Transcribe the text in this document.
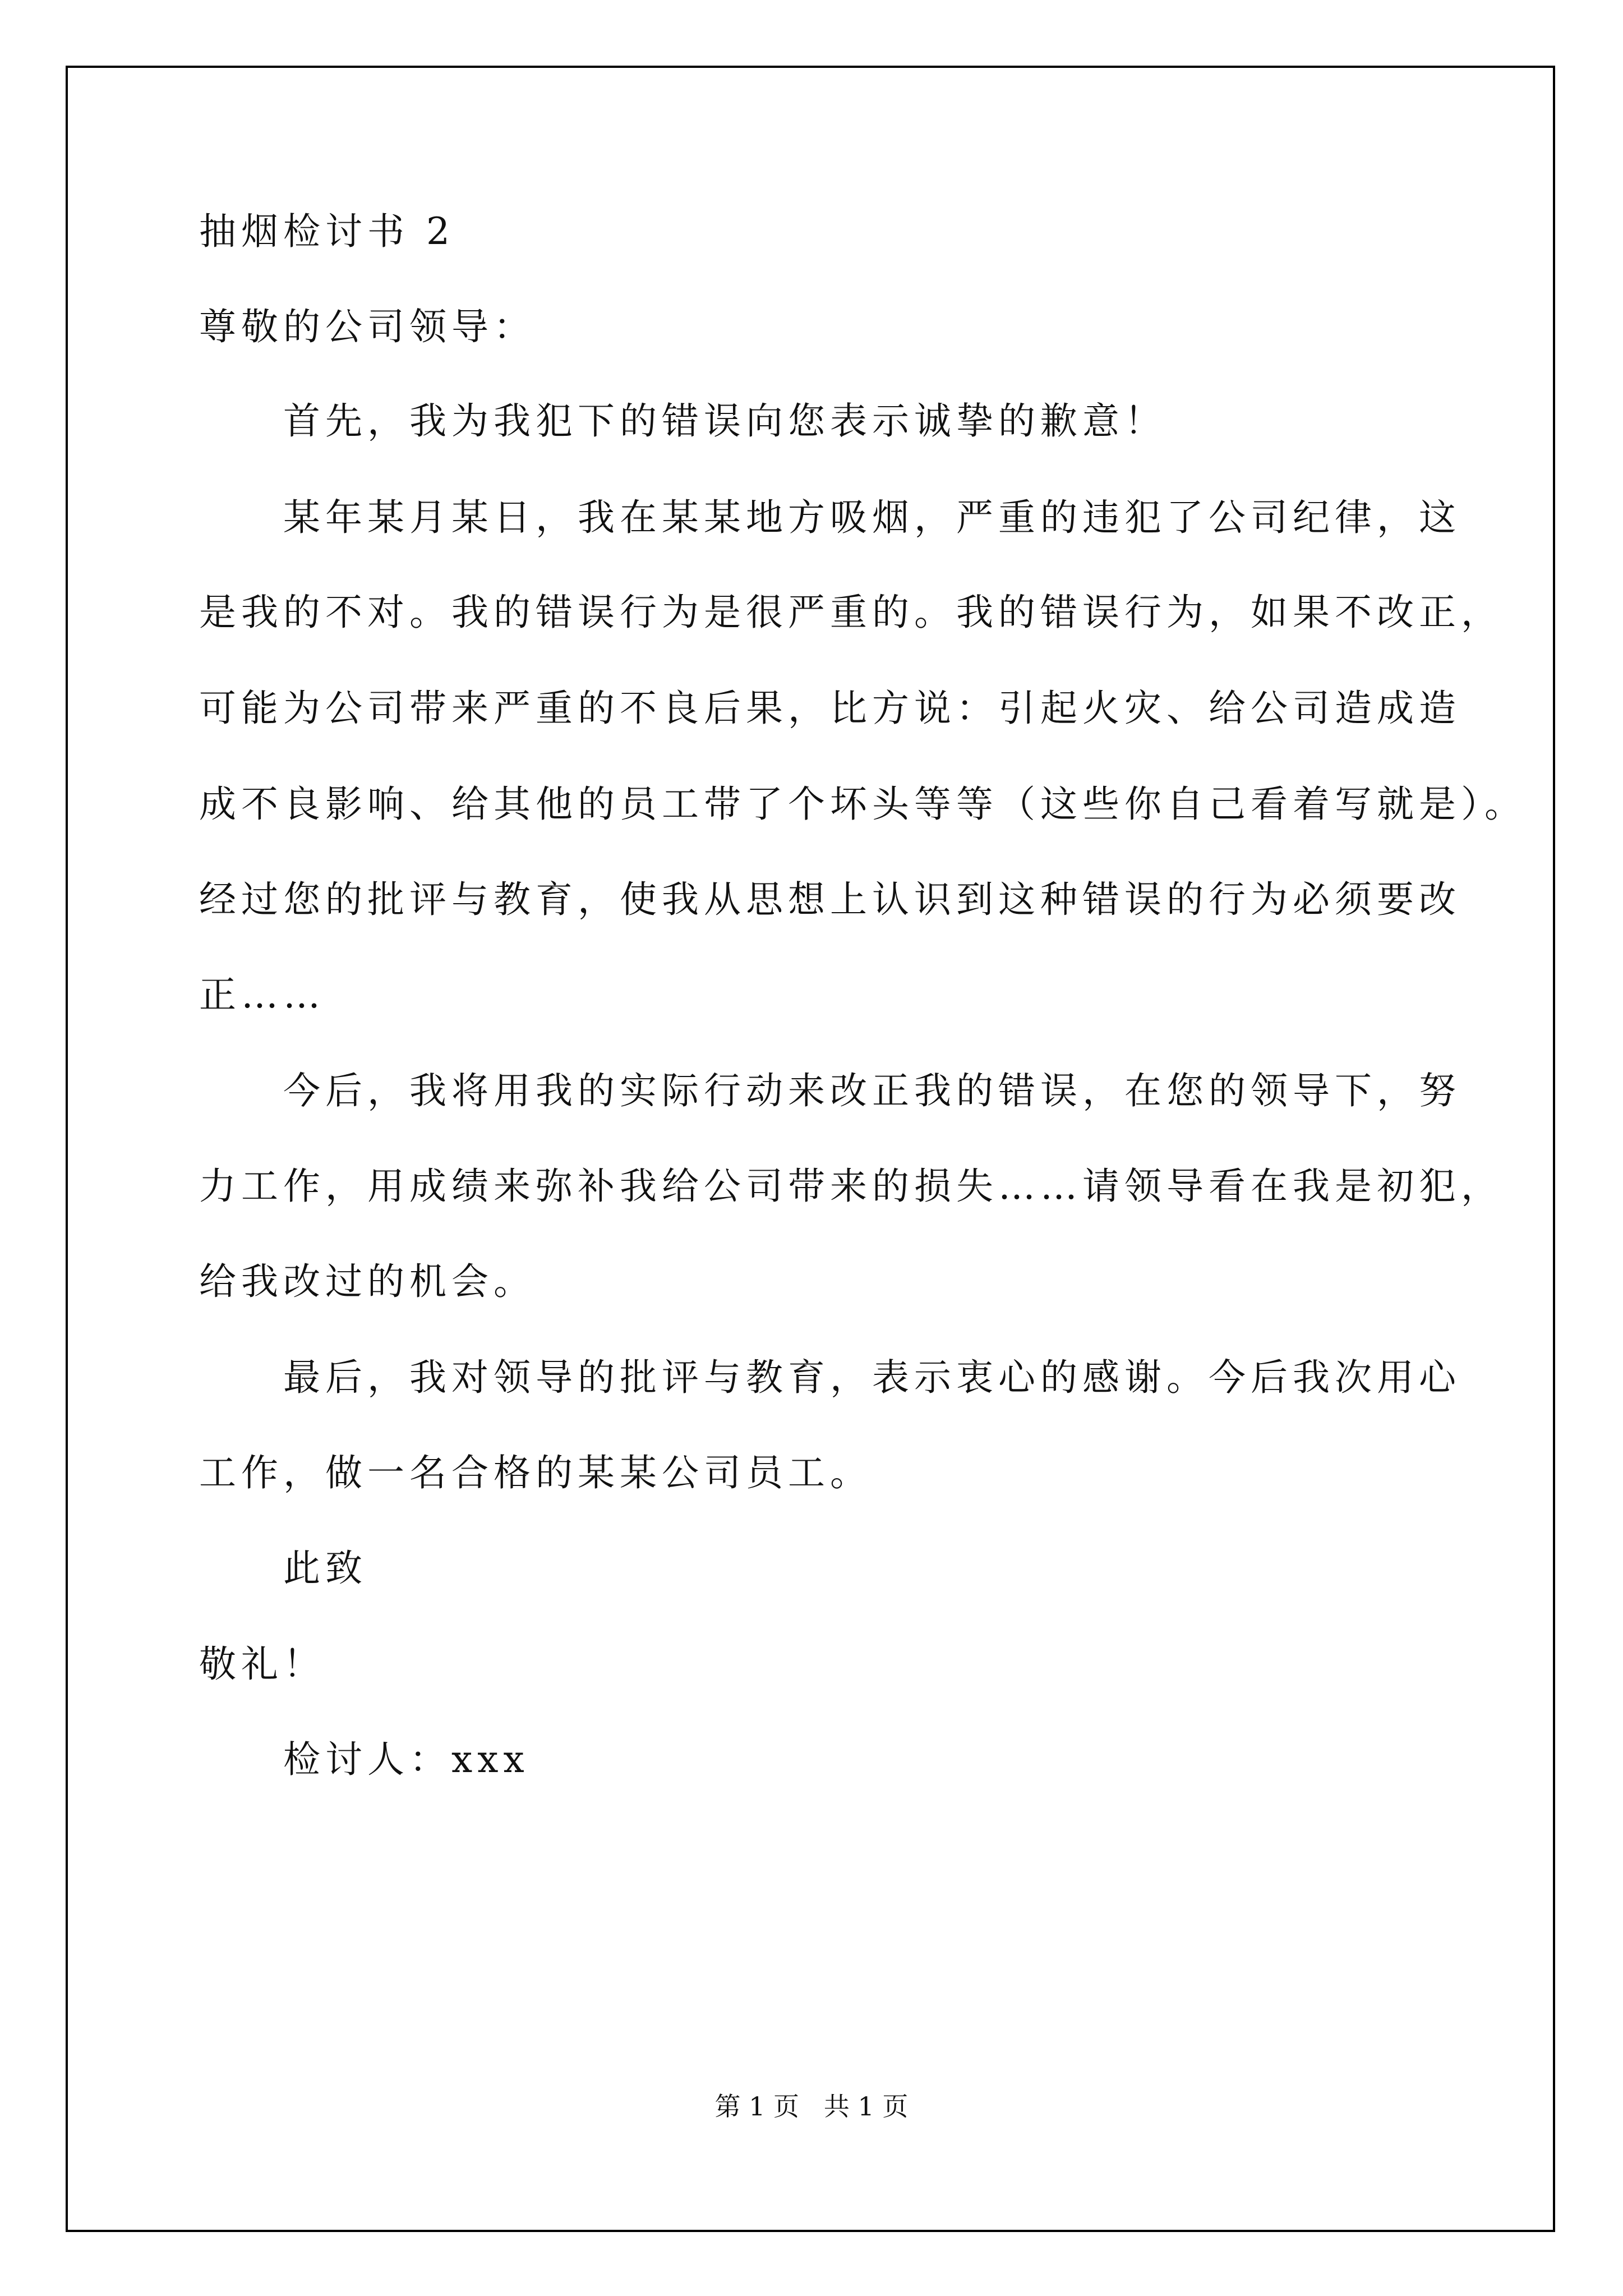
抽烟检讨书 2
尊敬的公司领导：
首先，我为我犯下的错误向您表示诚挚的歉意！
某年某月某日，我在某某地方吸烟，严重的违犯了公司纪律，这
是我的不对。我的错误行为是很严重的。我的错误行为，如果不改正，
可能为公司带来严重的不良后果，比方说：引起火灾、给公司造成造
成不良影响、给其他的员工带了个坏头等等（这些你自己看着写就是）。
经过您的批评与教育，使我从思想上认识到这种错误的行为必须要改
正……
今后，我将用我的实际行动来改正我的错误，在您的领导下，努
力工作，用成绩来弥补我给公司带来的损失……请领导看在我是初犯，
给我改过的机会。
最后，我对领导的批评与教育，表示衷心的感谢。今后我次用心
工作，做一名合格的某某公司员工。
此致
敬礼！
检讨人：xxx
第 1 页   共 1 页
